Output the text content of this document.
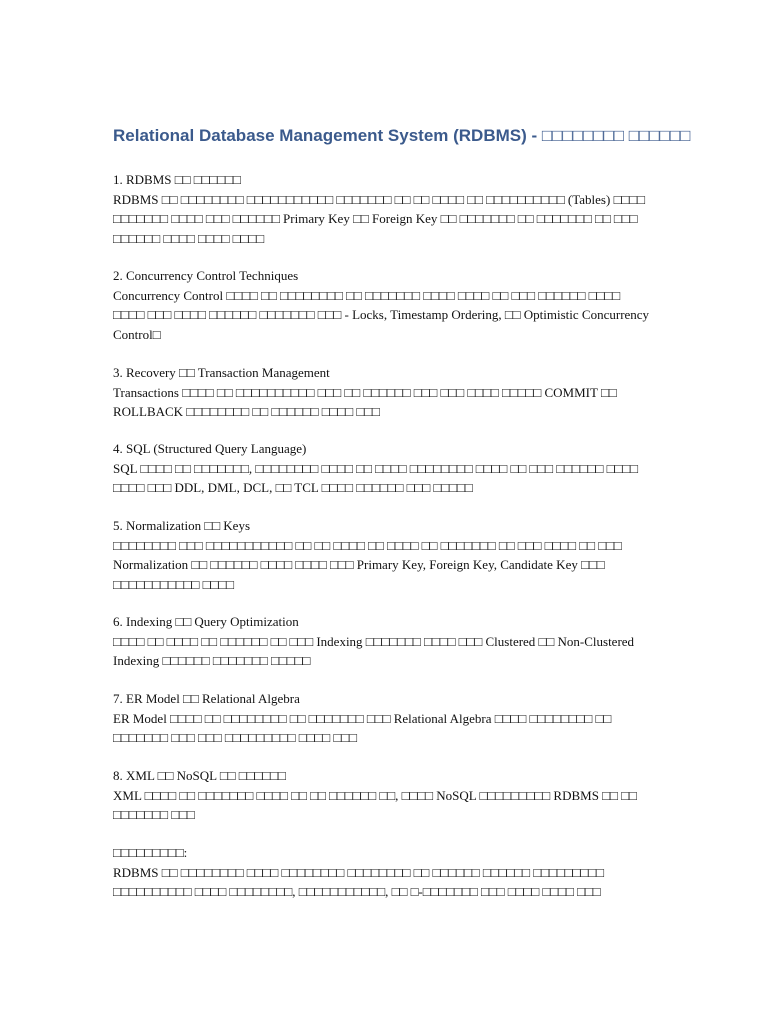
Relational Database Management System (RDBMS) - □□□□□□□□ □□□□□□

1. RDBMS □□ □□□□□□

RDBMS □□ □□□□□□□□ □□□□□□□□□□□ □□□□□□□ □□ □□ □□□□ □□ □□□□□□□□□□ (Tables) □□□□ □□□□□□□ □□□□ □□□ □□□□□□ Primary Key □□ Foreign Key □□ □□□□□□□ □□ □□□□□□□ □□ □□□ □□□□□□ □□□□ □□□□ □□□□

2. Concurrency Control Techniques

Concurrency Control □□□□ □□ □□□□□□□□ □□ □□□□□□□ □□□□ □□□□ □□ □□□ □□□□□□ □□□□ □□□□ □□□ □□□□ □□□□□□ □□□□□□□ □□□ - Locks, Timestamp Ordering, □□ Optimistic Concurrency Control□

3. Recovery □□ Transaction Management

Transactions □□□□ □□ □□□□□□□□□□ □□□ □□ □□□□□□ □□□ □□□ □□□□ □□□□□ COMMIT □□ ROLLBACK □□□□□□□□ □□ □□□□□□ □□□□ □□□

4. SQL (Structured Query Language)

SQL □□□□ □□ □□□□□□□, □□□□□□□□ □□□□ □□ □□□□ □□□□□□□□ □□□□ □□ □□□ □□□□□□ □□□□ □□□□ □□□ DDL, DML, DCL, □□ TCL □□□□ □□□□□□ □□□ □□□□□

5. Normalization □□ Keys

□□□□□□□□ □□□ □□□□□□□□□□□ □□ □□ □□□□ □□ □□□□ □□ □□□□□□□ □□ □□□ □□□□ □□ □□□ Normalization □□ □□□□□□ □□□□ □□□□ □□□ Primary Key, Foreign Key, Candidate Key □□□ □□□□□□□□□□□ □□□□

6. Indexing □□ Query Optimization

□□□□ □□ □□□□ □□ □□□□□□ □□ □□□ Indexing □□□□□□□ □□□□ □□□ Clustered □□ Non-Clustered Indexing □□□□□□ □□□□□□□ □□□□□

7. ER Model □□ Relational Algebra

ER Model □□□□ □□ □□□□□□□□ □□ □□□□□□□ □□□ Relational Algebra □□□□ □□□□□□□□ □□ □□□□□□□ □□□ □□□ □□□□□□□□□ □□□□ □□□

8. XML □□ NoSQL □□ □□□□□□

XML □□□□ □□ □□□□□□□ □□□□ □□ □□ □□□□□□ □□, □□□□ NoSQL □□□□□□□□□ RDBMS □□ □□ □□□□□□□ □□□

□□□□□□□□□:

RDBMS □□ □□□□□□□□ □□□□ □□□□□□□□ □□□□□□□□ □□ □□□□□□ □□□□□□ □□□□□□□□□ □□□□□□□□□□ □□□□ □□□□□□□□, □□□□□□□□□□□, □□ □-□□□□□□□ □□□ □□□□ □□□□ □□□
